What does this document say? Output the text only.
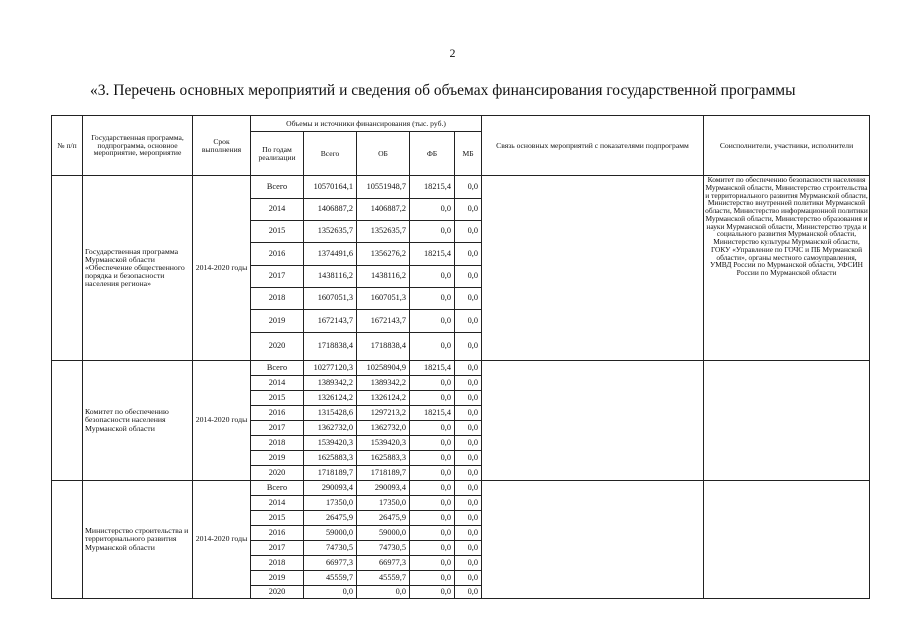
2
«3. Перечень основных мероприятий и сведения об объемах финансирования государственной программы
№ п/п	Государственная программа, подпрограмма, основное мероприятие, мероприятие	Срок выполнения	Объемы и источники финансирования (тыс. руб.)					Связь основных мероприятий с показателями подпрограмм	Соисполнители, участники, исполнители
			По годам реализации	Всего	ОБ	ФБ	МБ		
	Государственная программа Мурманской области «Обеспечение общественного порядка и безопасности населения региона»	2014-2020 годы	Всего	10570164,1	10551948,7	18215,4	0,0		Комитет по обеспечению безопасности населения Мурманской области, Министерство строительства и территориального развития Мурманской области, Министерство внутренней политики Мурманской области, Министерство информационной политики Мурманской области, Министерство образования и науки Мурманской области, Министерство труда и социального развития Мурманской области, Министерство культуры Мурманской области, ГОКУ «Управление по ГОЧС и ПБ Мурманской области», органы местного самоуправления, УМВД России по Мурманской области, УФСИН России по Мурманской области
			2014	1406887,2	1406887,2	0,0	0,0		
			2015	1352635,7	1352635,7	0,0	0,0		
			2016	1374491,6	1356276,2	18215,4	0,0		
			2017	1438116,2	1438116,2	0,0	0,0		
			2018	1607051,3	1607051,3	0,0	0,0		
			2019	1672143,7	1672143,7	0,0	0,0		
			2020	1718838,4	1718838,4	0,0	0,0		
	Комитет по обеспечению безопасности населения Мурманской области	2014-2020 годы	Всего	10277120,3	10258904,9	18215,4	0,0		
			2014	1389342,2	1389342,2	0,0	0,0		
			2015	1326124,2	1326124,2	0,0	0,0		
			2016	1315428,6	1297213,2	18215,4	0,0		
			2017	1362732,0	1362732,0	0,0	0,0		
			2018	1539420,3	1539420,3	0,0	0,0		
			2019	1625883,3	1625883,3	0,0	0,0		
			2020	1718189,7	1718189,7	0,0	0,0		
	Министерство строительства и территориального развития Мурманской области	2014-2020 годы	Всего	290093,4	290093,4	0,0	0,0		
			2014	17350,0	17350,0	0,0	0,0		
			2015	26475,9	26475,9	0,0	0,0		
			2016	59000,0	59000,0	0,0	0,0		
			2017	74730,5	74730,5	0,0	0,0		
			2018	66977,3	66977,3	0,0	0,0		
			2019	45559,7	45559,7	0,0	0,0		
			2020	0,0	0,0	0,0	0,0		
